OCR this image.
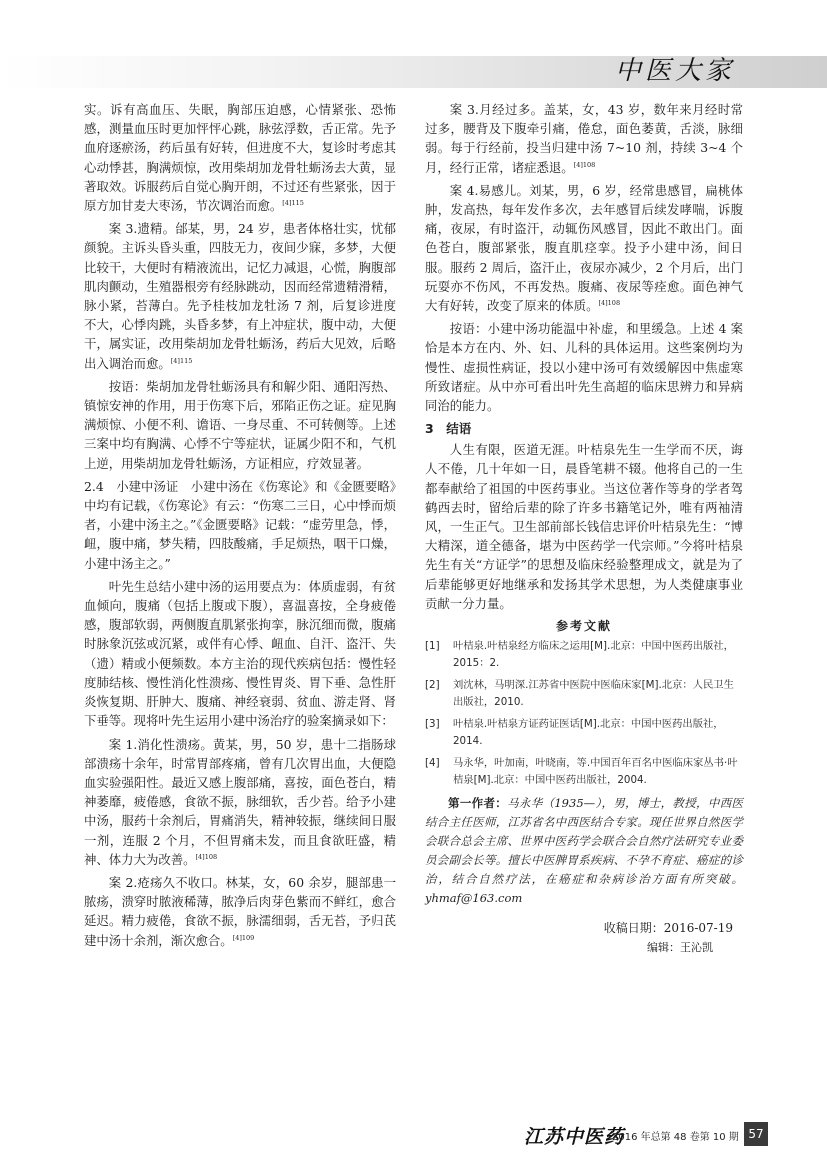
中医大家

实。诉有高血压、失眠，胸部压迫感，心情紧张、恐怖感，测量血压时更加怦怦心跳，脉弦浮数，舌正常。先予血府逐瘀汤，药后虽有好转，但进度不大，复诊时考虑其心动悸甚，胸满烦惊，改用柴胡加龙骨牡蛎汤去大黄，显著取效。诉服药后自觉心胸开朗，不过还有些紧张，因于原方加甘麦大枣汤，节次调治而愈。$^{[4]115}$

案 3.遗精。邰某，男，24 岁，患者体格壮实，忧郁颜貌。主诉头昏头重，四肢无力，夜间少寐，多梦，大便比较干，大便时有精液流出，记忆力减退，心慌，胸腹部肌肉颤动，生殖器根旁有经脉跳动，因而经常遗精滑精，脉小紧，苔薄白。先予桂枝加龙牡汤 7 剂，后复诊进度不大，心悸肉跳，头昏多梦，有上冲症状，腹中动，大便干，属实证，改用柴胡加龙骨牡蛎汤，药后大见效，后略出入调治而愈。$^{[4]115}$

按语：柴胡加龙骨牡蛎汤具有和解少阳、通阳泻热、镇惊安神的作用，用于伤寒下后，邪陷正伤之证。症见胸满烦惊、小便不利、谵语、一身尽重、不可转侧等。上述三案中均有胸满、心悸不宁等症状，证属少阳不和，气机上逆，用柴胡加龙骨牡蛎汤，方证相应，疗效显著。

2.4　小建中汤证　小建中汤在《伤寒论》和《金匮要略》中均有记载，《伤寒论》有云：“伤寒二三日，心中悸而烦者，小建中汤主之。”《金匮要略》记载：“虚劳里急，悸，衄，腹中痛，梦失精，四肢酸痛，手足烦热，咽干口燥，小建中汤主之。”

叶先生总结小建中汤的运用要点为：体质虚弱，有贫血倾向，腹痛（包括上腹或下腹），喜温喜按，全身疲倦感，腹部软弱，两侧腹直肌紧张拘挛，脉沉细而微，腹痛时脉象沉弦或沉紧，或伴有心悸、衄血、自汗、盗汗、失（遗）精或小便频数。本方主治的现代疾病包括：慢性轻度肺结核、慢性消化性溃疡、慢性胃炎、胃下垂、急性肝炎恢复期、肝肿大、腹痛、神经衰弱、贫血、游走肾、肾下垂等。现将叶先生运用小建中汤治疗的验案摘录如下：

案 1.消化性溃疡。黄某，男，50 岁，患十二指肠球部溃疡十余年，时常胃部疼痛，曾有几次胃出血，大便隐血实验强阳性。最近又感上腹部痛，喜按，面色苍白，精神萎靡，疲倦感，食欲不振，脉细软，舌少苔。给予小建中汤，服药十余剂后，胃痛消失，精神较振，继续间日服一剂，连服 2 个月，不但胃痛未发，而且食欲旺盛，精神、体力大为改善。$^{[4]108}$

案 2.疮疡久不收口。林某，女，60 余岁，腿部患一脓疡，溃穿时脓液稀薄，脓净后肉芽色紫而不鲜红，愈合延迟。精力疲倦，食欲不振，脉濡细弱，舌无苔，予归芪建中汤十余剂，渐次愈合。$^{[4]109}$

案 3.月经过多。盖某，女，43 岁，数年来月经时常过多，腰背及下腹牵引痛，倦怠，面色萎黄，舌淡，脉细弱。每于行经前，投当归建中汤 7~10 剂，持续 3~4 个月，经行正常，诸症悉退。$^{[4]108}$

案 4.易感儿。刘某，男，6 岁，经常患感冒，扁桃体肿，发高热，每年发作多次，去年感冒后续发哮喘，诉腹痛，夜尿，有时盗汗，动辄伤风感冒，因此不敢出门。面色苍白，腹部紧张，腹直肌痉挛。投予小建中汤，间日服。服药 2 周后，盗汗止，夜尿亦减少，2 个月后，出门玩耍亦不伤风，不再发热。腹痛、夜尿等痊愈。面色神气大有好转，改变了原来的体质。$^{[4]108}$

按语：小建中汤功能温中补虚，和里缓急。上述 4 案恰是本方在内、外、妇、儿科的具体运用。这些案例均为慢性、虚损性病证，投以小建中汤可有效缓解因中焦虚寒所致诸症。从中亦可看出叶先生高超的临床思辨力和异病同治的能力。

3　结语

人生有限，医道无涯。叶桔泉先生一生学而不厌，诲人不倦，几十年如一日，晨昏笔耕不辍。他将自己的一生都奉献给了祖国的中医药事业。当这位著作等身的学者驾鹤西去时，留给后辈的除了许多书籍笔记外，唯有两袖清风，一生正气。卫生部前部长钱信忠评价叶桔泉先生：“博大精深，道全德备，堪为中医药学一代宗师。”今将叶桔泉先生有关“方证学”的思想及临床经验整理成文，就是为了后辈能够更好地继承和发扬其学术思想，为人类健康事业贡献一分力量。

参考文献
[1]	叶桔泉.叶桔泉经方临床之运用[M].北京：中国中医药出版社，2015：2.
[2]	刘沈林，马明深.江苏省中医院中医临床家[M].北京：人民卫生出版社，2010.
[3]	叶桔泉.叶桔泉方证药证医话[M].北京：中国中医药出版社，2014.
[4]	马永华，叶加南，叶晓南，等.中国百年百名中医临床家丛书·叶桔泉[M].北京：中国中医药出版社，2004.
第一作者：马永华（1935—），男，博士，教授，中西医结合主任医师，江苏省名中西医结合专家。现任世界自然医学会联合总会主席、世界中医药学会联合会自然疗法研究专业委员会副会长等。擅长中医脾胃系疾病、不孕不育症、癌症的诊治，结合自然疗法，在癌症和杂病诊治方面有所突破。yhmaf@163.com
收稿日期：2016-07-19
编辑：王沁凯
江苏中医药
2016 年总第 48 卷第 10 期 57
